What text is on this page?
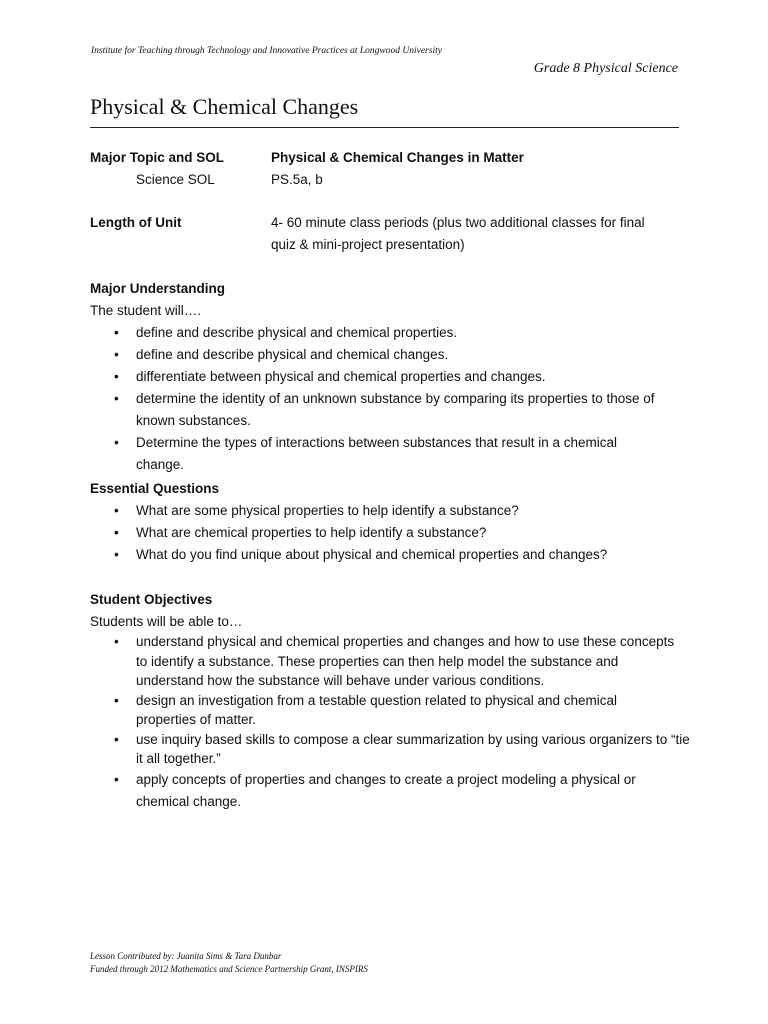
Institute for Teaching through Technology and Innovative Practices at Longwood University
Grade 8 Physical Science
Physical & Chemical Changes
Major Topic and SOL	Physical & Chemical Changes in Matter
Science SOL	PS.5a, b
Length of Unit	4- 60 minute class periods (plus two additional classes for final
quiz & mini-project presentation)
Major Understanding
The student will….
• define and describe physical and chemical properties.
• define and describe physical and chemical changes.
• differentiate between physical and chemical properties and changes.
• determine the identity of an unknown substance by comparing its properties to those of known substances.
• Determine the types of interactions between substances that result in a chemical change.
Essential Questions
• What are some physical properties to help identify a substance?
• What are chemical properties to help identify a substance?
• What do you find unique about physical and chemical properties and changes?
Student Objectives
Students will be able to…
• understand physical and chemical properties and changes and how to use these concepts to identify a substance. These properties can then help model the substance and understand how the substance will behave under various conditions.
• design an investigation from a testable question related to physical and chemical properties of matter.
• use inquiry based skills to compose a clear summarization by using various organizers to “tie it all together.”
• apply concepts of properties and changes to create a project modeling a physical or chemical change.
Lesson Contributed by: Juanita Sims & Tara Dunbar
Funded through 2012 Mathematics and Science Partnership Grant, INSPIRS
